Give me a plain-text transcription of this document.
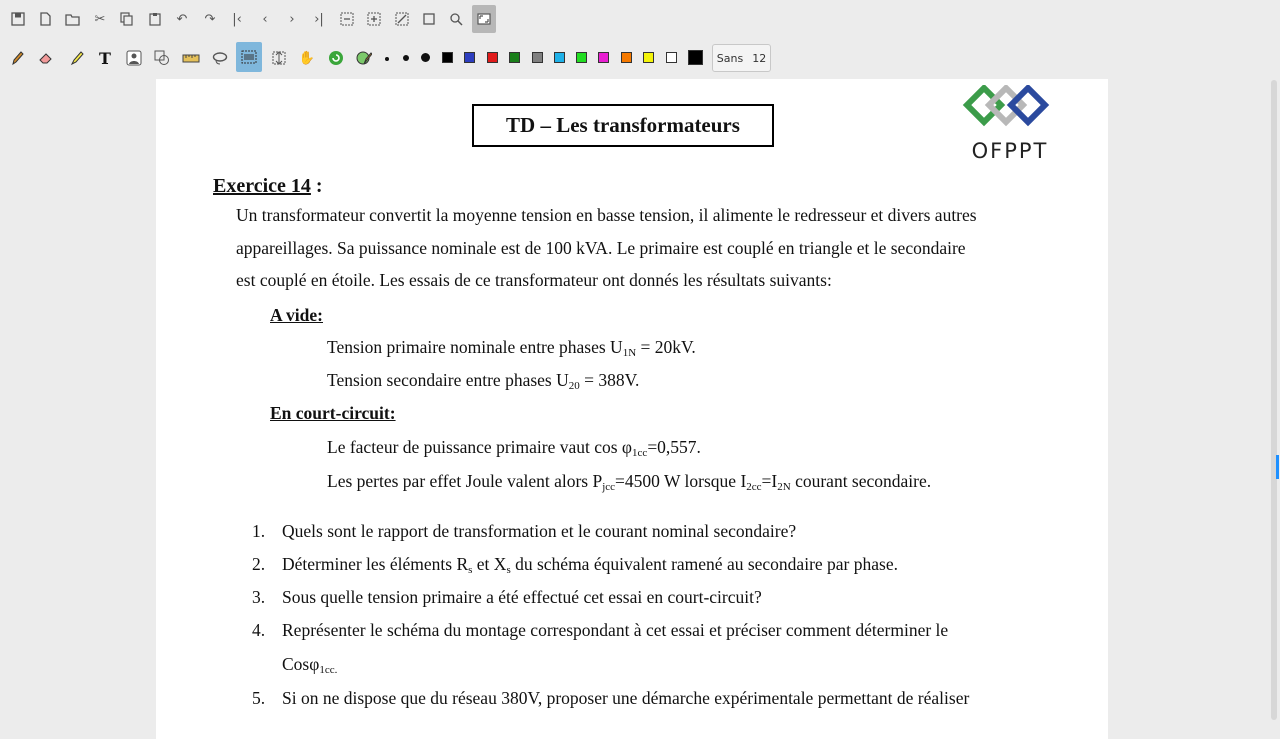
✂	↶	↷	|‹	‹	›	›|
T	✋	Sans 12
TD – Les transformateurs
OFPPT
Exercice 14 :
Un transformateur convertit la moyenne tension en basse tension, il alimente le redresseur et divers autres
appareillages. Sa puissance nominale est de 100 kVA. Le primaire est couplé en triangle et le secondaire
est couplé en étoile. Les essais de ce transformateur ont donnés les résultats suivants:
A vide:
Tension primaire nominale entre phases $U_{1N} = 20kV$.
Tension secondaire entre phases $U_{20} = 388V$.
En court-circuit:
Le facteur de puissance primaire vaut $\cos \varphi_{1cc}=0,557$.
Les pertes par effet Joule valent alors $P_{jcc}=4500$ W lorsque $I_{2cc}=I_{2N}$ courant secondaire.
1. Quels sont le rapport de transformation et le courant nominal secondaire?
2. Déterminer les éléments $R_s$ et $X_s$ du schéma équivalent ramené au secondaire par phase.
3. Sous quelle tension primaire a été effectué cet essai en court-circuit?
4. Représenter le schéma du montage correspondant à cet essai et préciser comment déterminer le
Cosφ$_{1cc.}$
5. Si on ne dispose que du réseau 380V, proposer une démarche expérimentale permettant de réaliser
